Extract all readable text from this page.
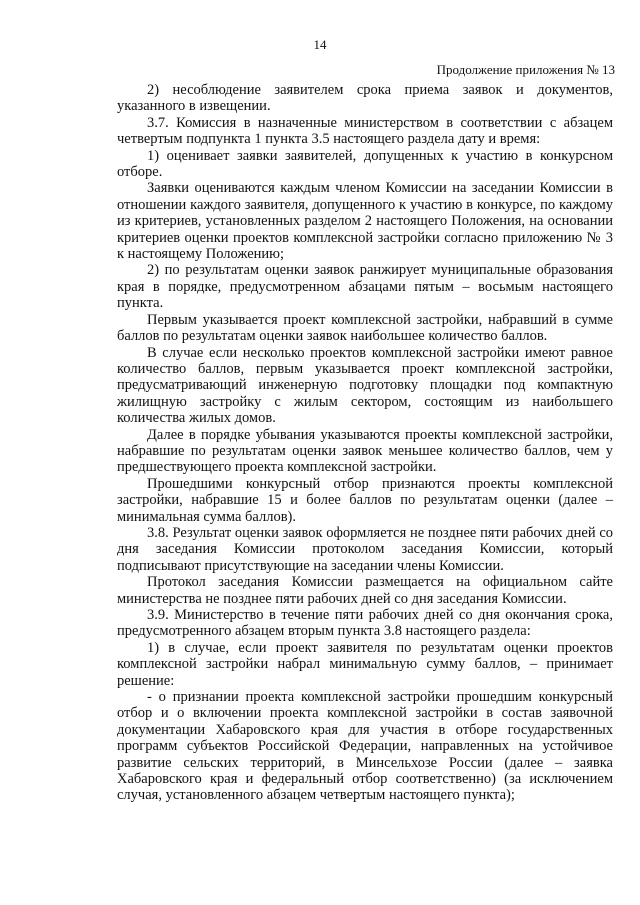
14
Продолжение приложения № 13

2) несоблюдение заявителем срока приема заявок и документов, указанного в извещении.

3.7. Комиссия в назначенные министерством в соответствии с абзацем четвертым подпункта 1 пункта 3.5 настоящего раздела дату и время:

1) оценивает заявки заявителей, допущенных к участию в конкурсном отборе.

Заявки оцениваются каждым членом Комиссии на заседании Комиссии в отношении каждого заявителя, допущенного к участию в конкурсе, по каждому из критериев, установленных разделом 2 настоящего Положения, на основании критериев оценки проектов комплексной застройки согласно приложению № 3 к настоящему Положению;

2) по результатам оценки заявок ранжирует муниципальные образования края в порядке, предусмотренном абзацами пятым – восьмым настоящего пункта.

Первым указывается проект комплексной застройки, набравший в сумме баллов по результатам оценки заявок наибольшее количество баллов.

В случае если несколько проектов комплексной застройки имеют равное количество баллов, первым указывается проект комплексной застройки, предусматривающий инженерную подготовку площадки под компактную жилищную застройку с жилым сектором, состоящим из наибольшего количества жилых домов.

Далее в порядке убывания указываются проекты комплексной застройки, набравшие по результатам оценки заявок меньшее количество баллов, чем у предшествующего проекта комплексной застройки.

Прошедшими конкурсный отбор признаются проекты комплексной застройки, набравшие 15 и более баллов по результатам оценки (далее – минимальная сумма баллов).

3.8. Результат оценки заявок оформляется не позднее пяти рабочих дней со дня заседания Комиссии протоколом заседания Комиссии, который подписывают присутствующие на заседании члены Комиссии.

Протокол заседания Комиссии размещается на официальном сайте министерства не позднее пяти рабочих дней со дня заседания Комиссии.

3.9. Министерство в течение пяти рабочих дней со дня окончания срока, предусмотренного абзацем вторым пункта 3.8 настоящего раздела:

1) в случае, если проект заявителя по результатам оценки проектов комплексной застройки набрал минимальную сумму баллов, – принимает решение:

- о признании проекта комплексной застройки прошедшим конкурсный отбор и о включении проекта комплексной застройки в состав заявочной документации Хабаровского края для участия в отборе государственных программ субъектов Российской Федерации, направленных на устойчивое развитие сельских территорий, в Минсельхозе России (далее – заявка Хабаровского края и федеральный отбор соответственно) (за исключением случая, установленного абзацем четвертым настоящего пункта);
